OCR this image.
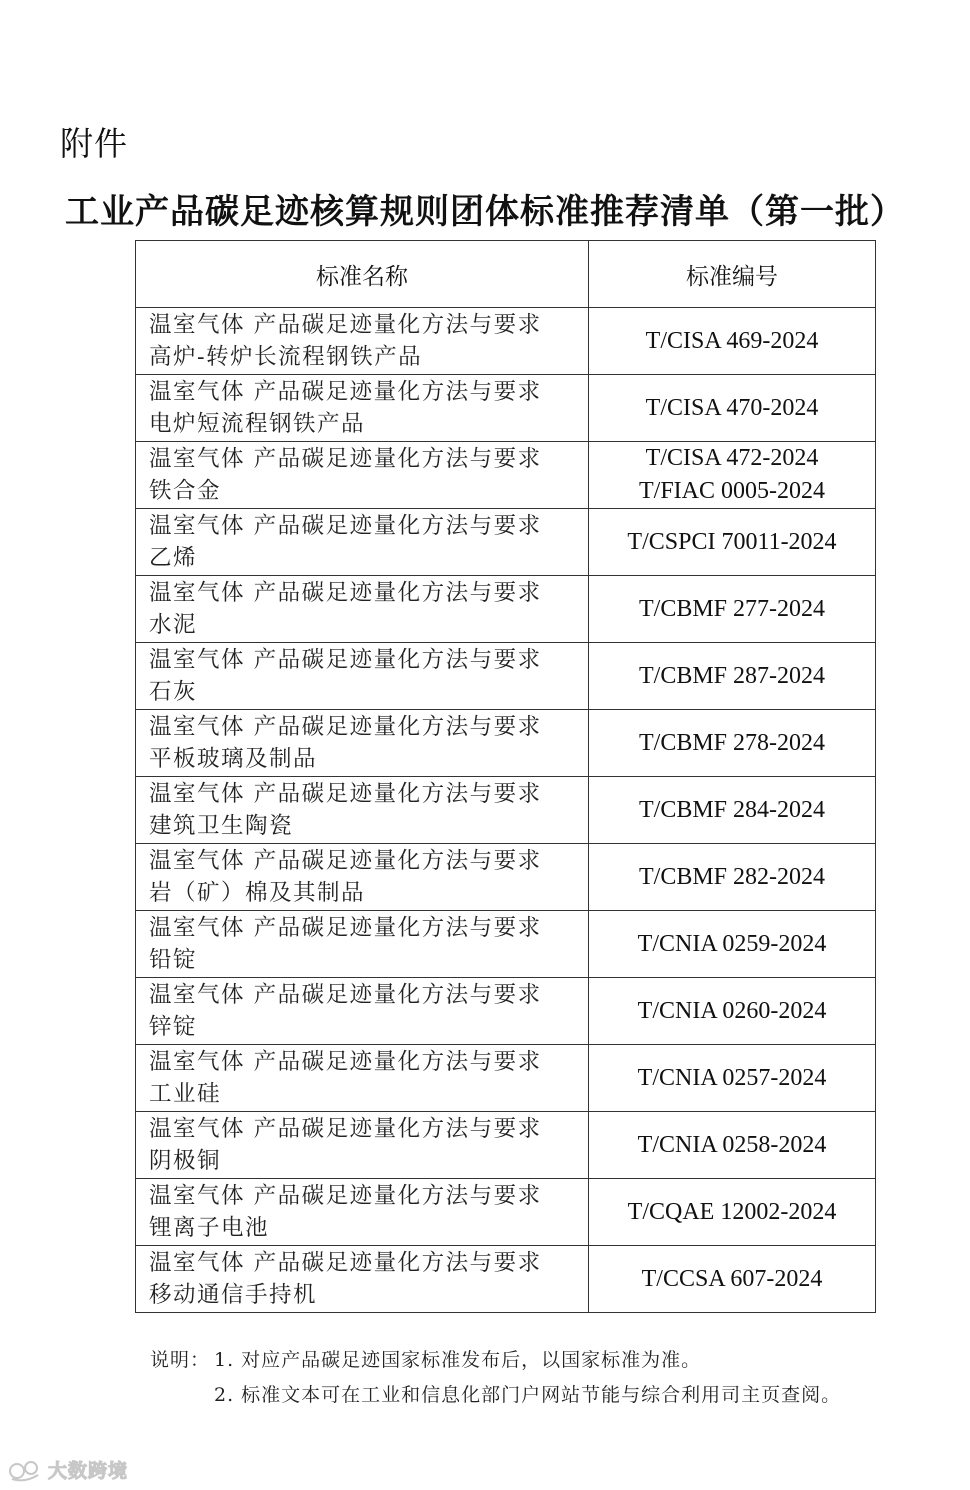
附件
工业产品碳足迹核算规则团体标准推荐清单（第一批）
标准名称	标准编号

温室气体 产品碳足迹量化方法与要求
高炉-转炉长流程钢铁产品	T/CISA 469-2024

温室气体 产品碳足迹量化方法与要求
电炉短流程钢铁产品	T/CISA 470-2024

温室气体 产品碳足迹量化方法与要求
铁合金	T/CISA 472-2024
T/FIAC 0005-2024

温室气体 产品碳足迹量化方法与要求
乙烯	T/CSPCI 70011-2024

温室气体 产品碳足迹量化方法与要求
水泥	T/CBMF 277-2024

温室气体 产品碳足迹量化方法与要求
石灰	T/CBMF 287-2024

温室气体 产品碳足迹量化方法与要求
平板玻璃及制品	T/CBMF 278-2024

温室气体 产品碳足迹量化方法与要求
建筑卫生陶瓷	T/CBMF 284-2024

温室气体 产品碳足迹量化方法与要求
岩（矿）棉及其制品	T/CBMF 282-2024

温室气体 产品碳足迹量化方法与要求
铅锭	T/CNIA 0259-2024

温室气体 产品碳足迹量化方法与要求
锌锭	T/CNIA 0260-2024

温室气体 产品碳足迹量化方法与要求
工业硅	T/CNIA 0257-2024

温室气体 产品碳足迹量化方法与要求
阴极铜	T/CNIA 0258-2024

温室气体 产品碳足迹量化方法与要求
锂离子电池	T/CQAE 12002-2024

温室气体 产品碳足迹量化方法与要求
移动通信手持机	T/CCSA 607-2024
说明： 1. 对应产品碳足迹国家标准发布后，以国家标准为准。
2. 标准文本可在工业和信息化部门户网站节能与综合利用司主页查阅。
大数跨境
